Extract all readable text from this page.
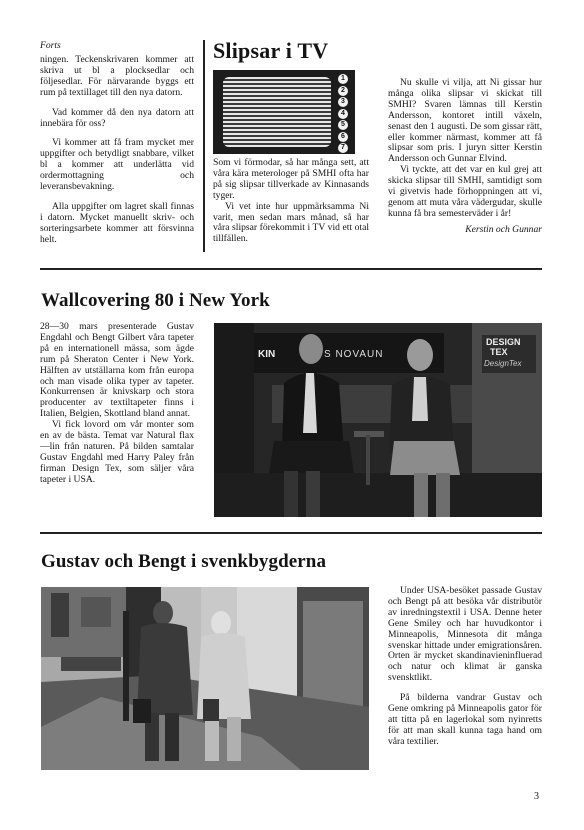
Forts

ningen. Teckenskrivaren kommer att skriva ut bl a plocksedlar och följesedlar. För närvarande byggs ett rum på textillaget till den nya datorn.

Vad kommer då den nya datorn att innebära för oss?

Vi kommer att få fram mycket mer uppgifter och betydligt snabbare, vilket bl a kommer att underlätta vid ordermottagning och leveransbevakning.

Alla uppgifter om lagret skall finnas i datorn. Mycket manuellt skriv- och sorteringsarbete kommer att försvinna helt.

Slipsar i TV
1
2
3
4
5
6
7

Som vi förmodar, så har många sett, att våra kära meterologer på SMHI ofta har på sig slipsar tillverkade av Kinnasands tyger.

Vi vet inte hur uppmärksamma Ni varit, men sedan mars månad, så har våra slipsar förekommit i TV vid ett otal tillfällen.

Nu skulle vi vilja, att Ni gissar hur många olika slipsar vi skickat till SMHI? Svaren lämnas till Kerstin Andersson, kontoret intill växeln, senast den 1 augusti. De som gissar rätt, eller kommer närmast, kommer att få slipsar som pris. I juryn sitter Kerstin Andersson och Gunnar Elvind.

Vi tyckte, att det var en kul grej att skicka slipsar till SMHI, samtidigt som vi givetvis hade förhoppningen att vi, genom att muta våra vädergudar, skulle kunna få bra semesterväder i år!

Kerstin och Gunnar
Wallcovering 80 i New York

28—30 mars presenterade Gustav Engdahl och Bengt Gilbert våra tapeter på en internationell mässa, som ägde rum på Sheraton Center i New York. Hälften av utställarna kom från europa och man visade olika typer av tapeter. Konkurrensen är knivskarp och stora producenter av textiltapeter finns i Italien, Belgien, Skottland bland annat.

Vi fick lovord om vår monter som en av de bästa. Temat var Natural flax—lin från naturen. På bilden samtalar Gustav Engdahl med Harry Paley från firman Design Tex, som säljer våra tapeter i USA.

KIN	S NOVAUN
DESIGN
TEX
DesignTex
Gustav och Bengt i svenkbygderna

Under USA-besöket passade Gustav och Bengt på att besöka vår distributör av inredningstextil i USA. Denne heter Gene Smiley och har huvudkontor i Minneapolis, Minnesota dit många svenskar hittade under emigrationsåren. Orten är mycket skandinavieninfluerad och natur och klimat är ganska svensktlikt.

På bilderna vandrar Gustav och Gene omkring på Minneapolis gator för att titta på en lagerlokal som nyinretts för att man skall kunna taga hand om våra textilier.

3
